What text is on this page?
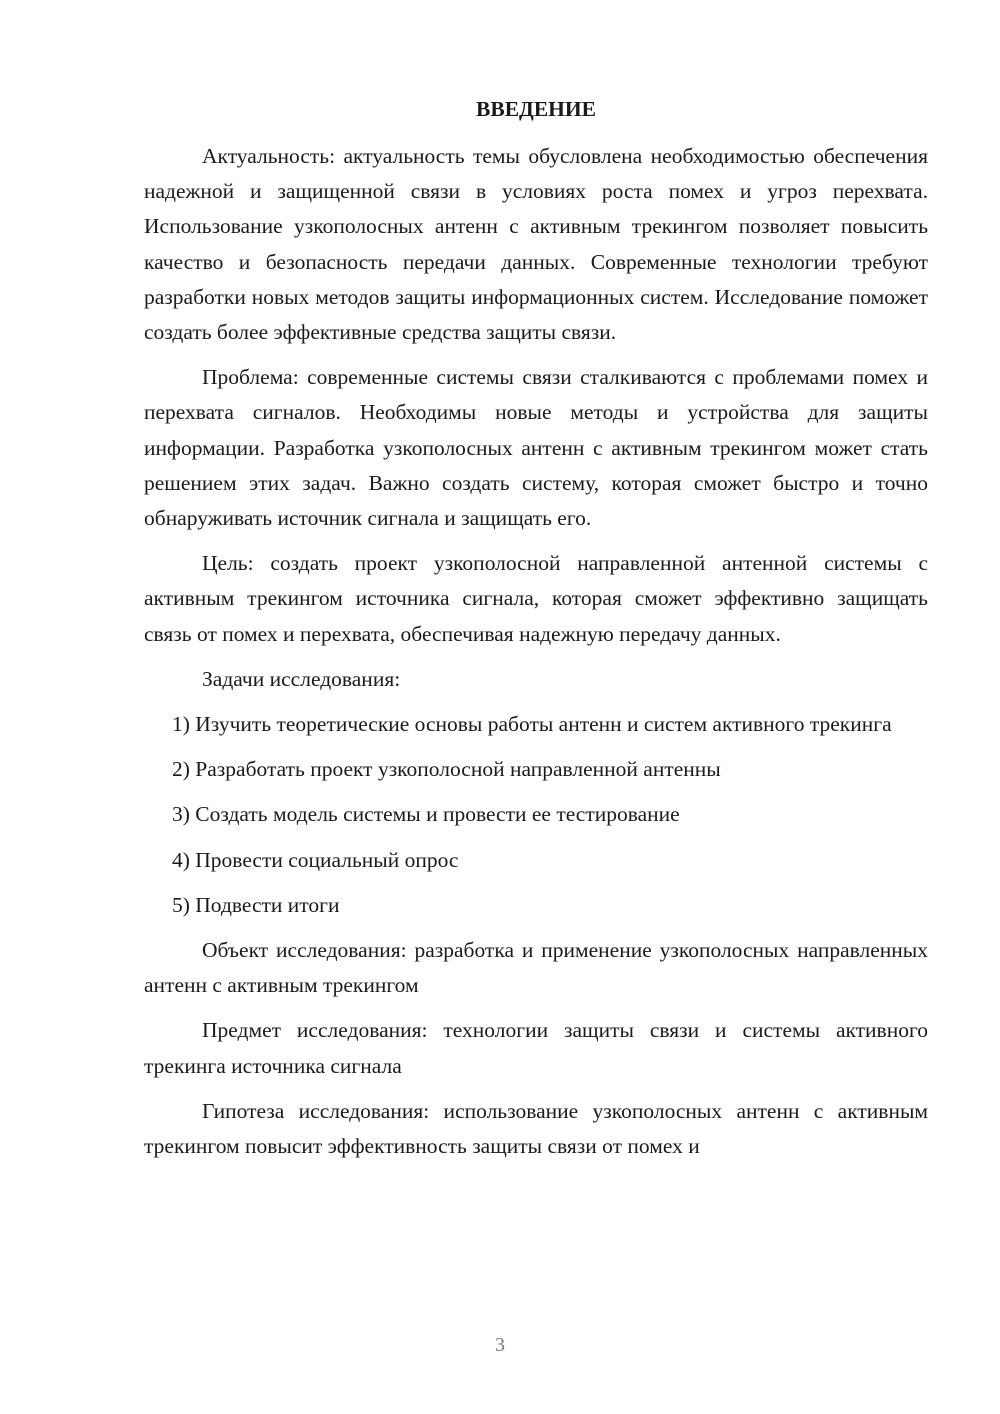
ВВЕДЕНИЕ

Актуальность: актуальность темы обусловлена необходимостью обеспечения надежной и защищенной связи в условиях роста помех и угроз перехвата. Использование узкополосных антенн с активным трекингом позволяет повысить качество и безопасность передачи данных. Современные технологии требуют разработки новых методов защиты информационных систем. Исследование поможет создать более эффективные средства защиты связи.

Проблема: современные системы связи сталкиваются с проблемами помех и перехвата сигналов. Необходимы новые методы и устройства для защиты информации. Разработка узкополосных антенн с активным трекингом может стать решением этих задач. Важно создать систему, которая сможет быстро и точно обнаруживать источник сигнала и защищать его.

Цель: создать проект узкополосной направленной антенной системы с активным трекингом источника сигнала, которая сможет эффективно защищать связь от помех и перехвата, обеспечивая надежную передачу данных.

Задачи исследования:

1) Изучить теоретические основы работы антенн и систем активного трекинга

2) Разработать проект узкополосной направленной антенны

3) Создать модель системы и провести ее тестирование

4) Провести социальный опрос

5) Подвести итоги

Объект исследования: разработка и применение узкополосных направленных антенн с активным трекингом

Предмет исследования: технологии защиты связи и системы активного трекинга источника сигнала

Гипотеза исследования: использование узкополосных антенн с активным трекингом повысит эффективность защиты связи от помех и

3
